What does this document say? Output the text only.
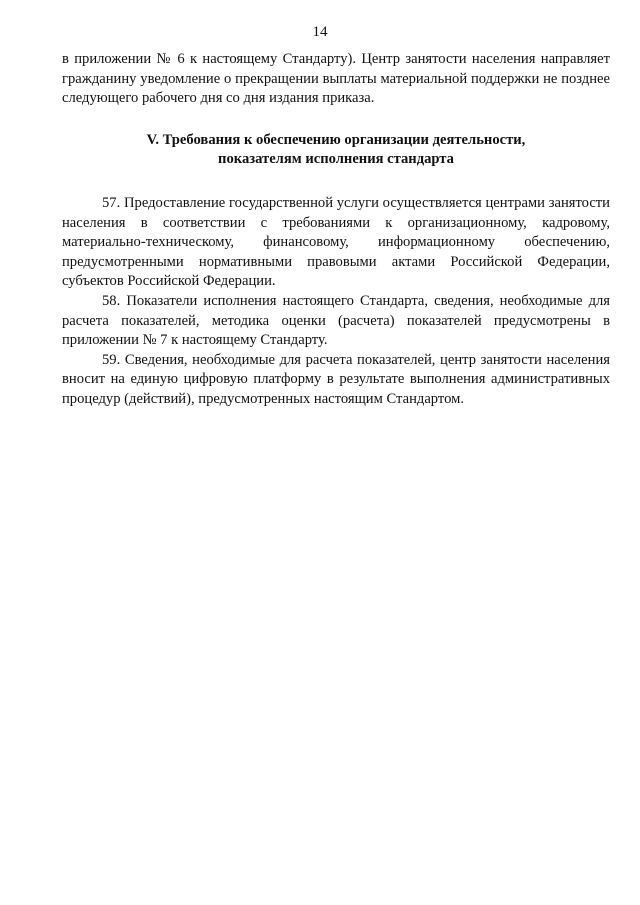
14

в приложении № 6 к настоящему Стандарту). Центр занятости населения направляет гражданину уведомление о прекращении выплаты материальной поддержки не позднее следующего рабочего дня со дня издания приказа.

V. Требования к обеспечению организации деятельности,
показателям исполнения стандарта

57. Предоставление государственной услуги осуществляется центрами занятости населения в соответствии с требованиями к организационному, кадровому, материально-техническому, финансовому, информационному обеспечению, предусмотренными нормативными правовыми актами Российской Федерации, субъектов Российской Федерации.

58. Показатели исполнения настоящего Стандарта, сведения, необходимые для расчета показателей, методика оценки (расчета) показателей предусмотрены в приложении № 7 к настоящему Стандарту.

59. Сведения, необходимые для расчета показателей, центр занятости населения вносит на единую цифровую платформу в результате выполнения административных процедур (действий), предусмотренных настоящим Стандартом.
